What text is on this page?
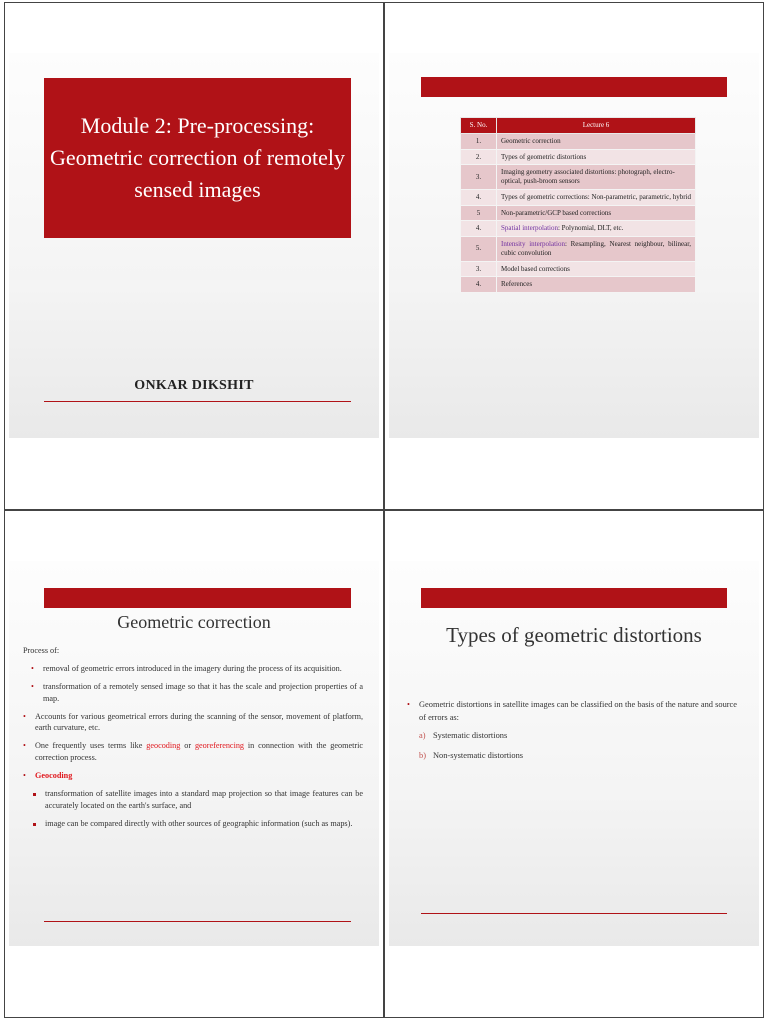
Module 2: Pre-processing: Geometric correction of remotely sensed images
ONKAR DIKSHIT
S. No.	Lecture 6
1.	Geometric correction
2.	Types of geometric distortions
3.	Imaging geometry associated distortions: photograph, electro-optical, push-broom sensors
4.	Types of geometric corrections: Non-parametric, parametric, hybrid
5	Non-parametric/GCP based corrections
4.	Spatial interpolation: Polynomial, DLT, etc.
5.	Intensity interpolation: Resampling, Nearest neighbour, bilinear, cubic convolution
3.	Model based corrections
4.	References
Geometric correction

Process of:

•	removal of geometric errors introduced in the imagery during the process of its acquisition.
•	transformation of a remotely sensed image so that it has the scale and projection properties of a map.
•	Accounts for various geometrical errors during the scanning of the sensor, movement of platform, earth curvature, etc.
•	One frequently uses terms like geocoding or georeferencing in connection with the geometric correction process.
•	Geocoding
transformation of satellite images into a standard map projection so that image features can be accurately located on the earth's surface, and
image can be compared directly with other sources of geographic information (such as maps).
Types of geometric distortions
•	Geometric distortions in satellite images can be classified on the basis of the nature and source of errors as:
a) Systematic distortions
b) Non-systematic distortions
